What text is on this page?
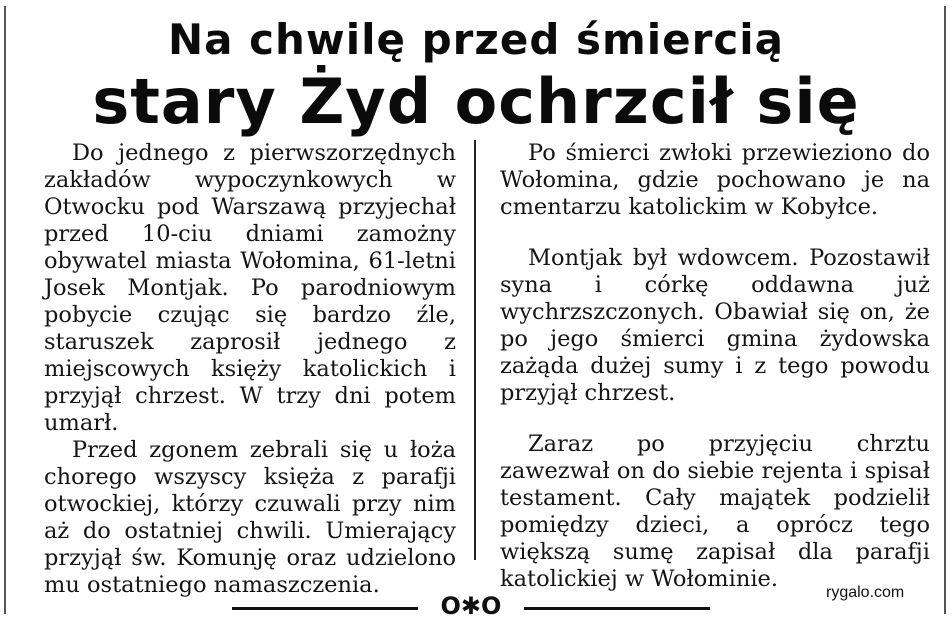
Na chwilę przed śmiercią
stary Żyd ochrzcił się

Do jednego z pierwszorzędnych zakładów wypoczynkowych w Otwocku pod Warszawą przyjechał przed 10-ciu dniami zamożny obywatel miasta Wołomina, 61-letni Josek Montjak. Po parodniowym pobycie czując się bardzo źle, staruszek zaprosił jednego z miejscowych księży katolickich i przyjął chrzest. W trzy dni potem umarł.

Przed zgonem zebrali się u łoża chorego wszyscy księża z parafji otwockiej, którzy czuwali przy nim aż do ostatniej chwili. Umierający przyjął św. Komunję oraz udzielono mu ostatniego namaszczenia.

Po śmierci zwłoki przewieziono do Wołomina, gdzie pochowano je na cmentarzu katolickim w Kobyłce.

Montjak był wdowcem. Pozostawił syna i córkę oddawna już wychrzszczonych. Obawiał się on, że po jego śmierci gmina żydowska zażąda dużej sumy i z tego powodu przyjął chrzest.

Zaraz po przyjęciu chrztu zawezwał on do siebie rejenta i spisał testament. Cały majątek podzielił pomiędzy dzieci, a oprócz tego większą sumę zapisał dla parafji katolickiej w Wołominie.

O✱O	rygalo.com
